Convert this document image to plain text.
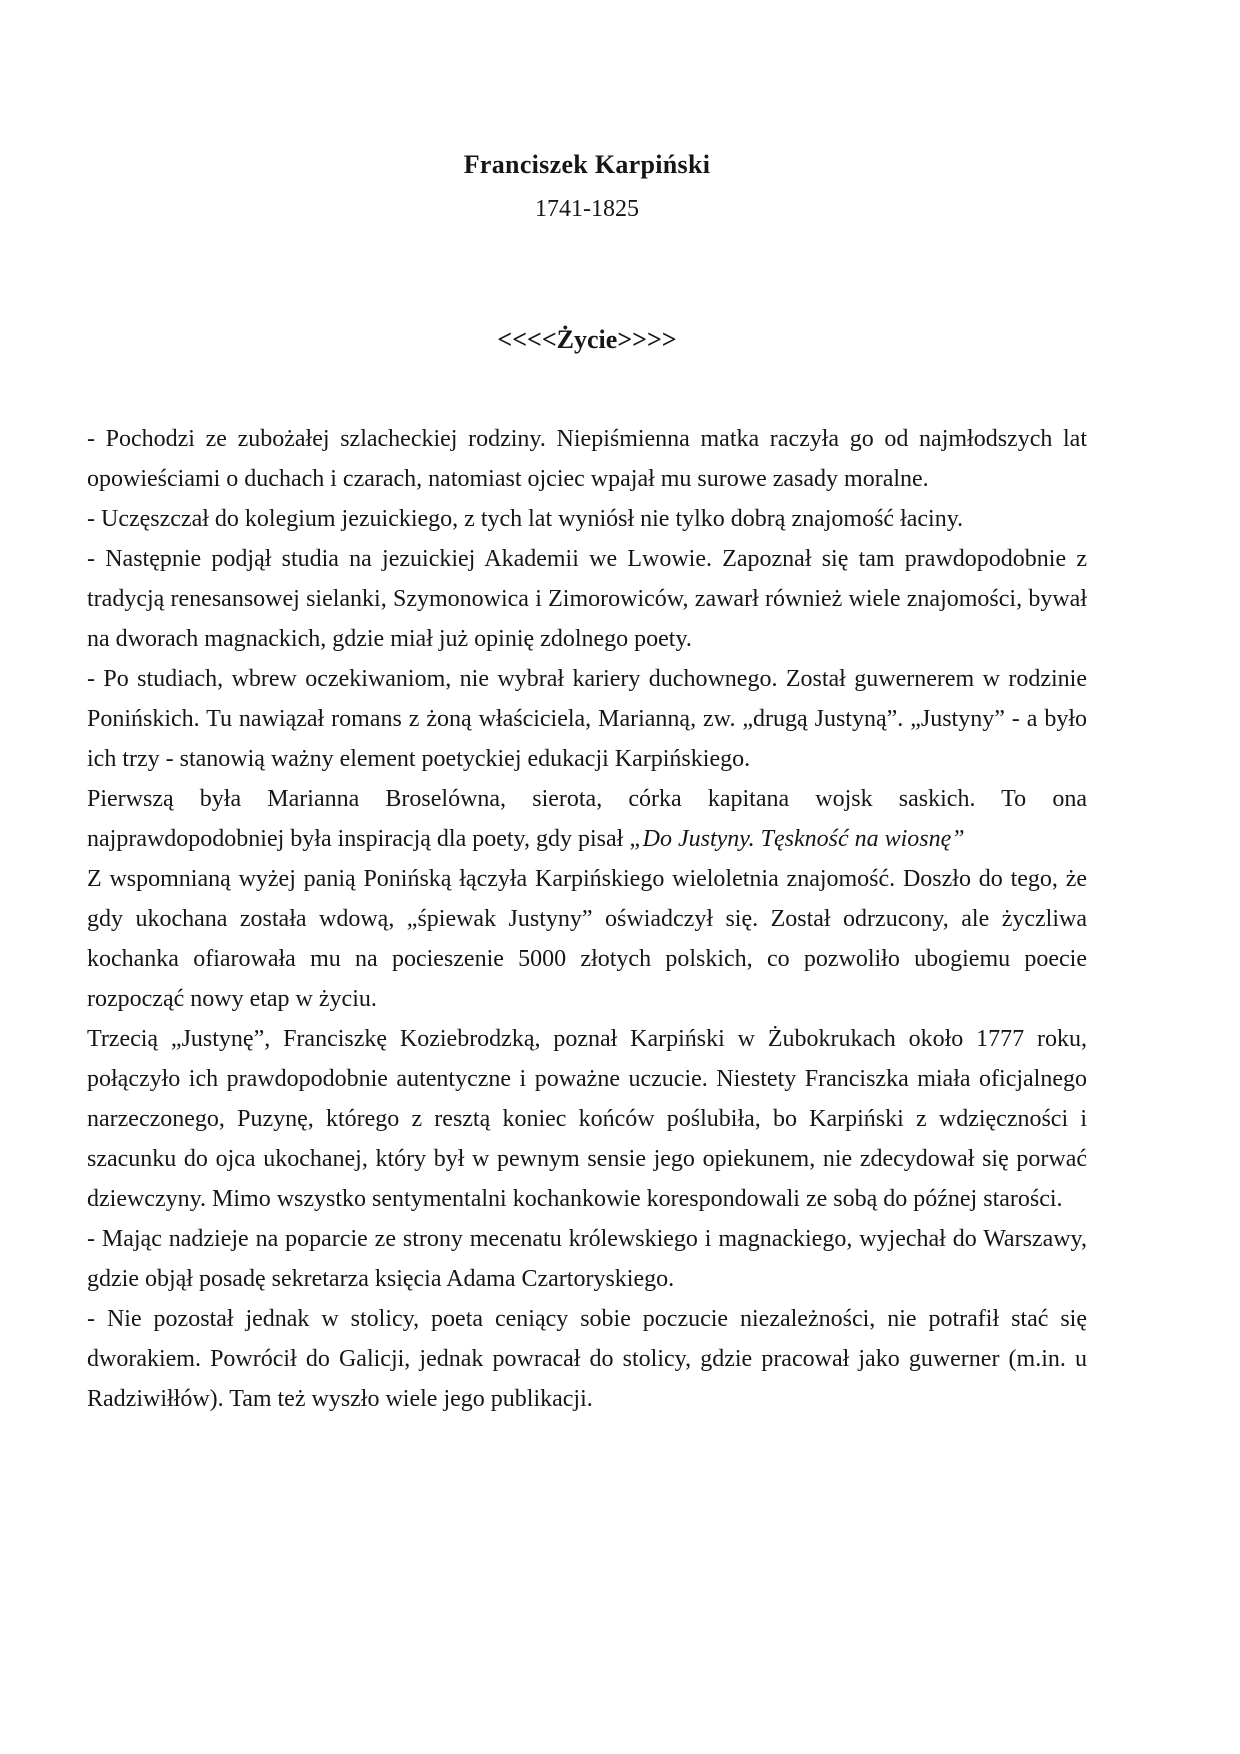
Franciszek Karpiński
1741-1825
<<<<Życie>>>>

- Pochodzi ze zubożałej szlacheckiej rodziny. Niepiśmienna matka raczyła go od najmłodszych lat opowieściami o duchach i czarach, natomiast ojciec wpajał mu surowe zasady moralne.

- Uczęszczał do kolegium jezuickiego, z tych lat wyniósł nie tylko dobrą znajomość łaciny.

- Następnie podjął studia na jezuickiej Akademii we Lwowie. Zapoznał się tam prawdopodobnie z tradycją renesansowej sielanki, Szymonowica i Zimorowiców, zawarł również wiele znajomości, bywał na dworach magnackich, gdzie miał już opinię zdolnego poety.

- Po studiach, wbrew oczekiwaniom, nie wybrał kariery duchownego. Został guwernerem w rodzinie Ponińskich. Tu nawiązał romans z żoną właściciela, Marianną, zw. „drugą Justyną”. „Justyny” - a było ich trzy - stanowią ważny element poetyckiej edukacji Karpińskiego.

Pierwszą była Marianna Broselówna, sierota, córka kapitana wojsk saskich. To ona najprawdopodobniej była inspiracją dla poety, gdy pisał „Do Justyny. Tęskność na wiosnę”

Z wspomnianą wyżej panią Ponińską łączyła Karpińskiego wieloletnia znajomość. Doszło do tego, że gdy ukochana została wdową, „śpiewak Justyny” oświadczył się. Został odrzucony, ale życzliwa kochanka ofiarowała mu na pocieszenie 5000 złotych polskich, co pozwoliło ubogiemu poecie rozpocząć nowy etap w życiu.

Trzecią „Justynę”, Franciszkę Koziebrodzką, poznał Karpiński w Żubokrukach około 1777 roku, połączyło ich prawdopodobnie autentyczne i poważne uczucie. Niestety Franciszka miała oficjalnego narzeczonego, Puzynę, którego z resztą koniec końców poślubiła, bo Karpiński z wdzięczności i szacunku do ojca ukochanej, który był w pewnym sensie jego opiekunem, nie zdecydował się porwać dziewczyny. Mimo wszystko sentymentalni kochankowie korespondowali ze sobą do późnej starości.

- Mając nadzieje na poparcie ze strony mecenatu królewskiego i magnackiego, wyjechał do Warszawy, gdzie objął posadę sekretarza księcia Adama Czartoryskiego.

- Nie pozostał jednak w stolicy, poeta ceniący sobie poczucie niezależności, nie potrafił stać się dworakiem. Powrócił do Galicji, jednak powracał do stolicy, gdzie pracował jako guwerner (m.in. u Radziwiłłów). Tam też wyszło wiele jego publikacji.
